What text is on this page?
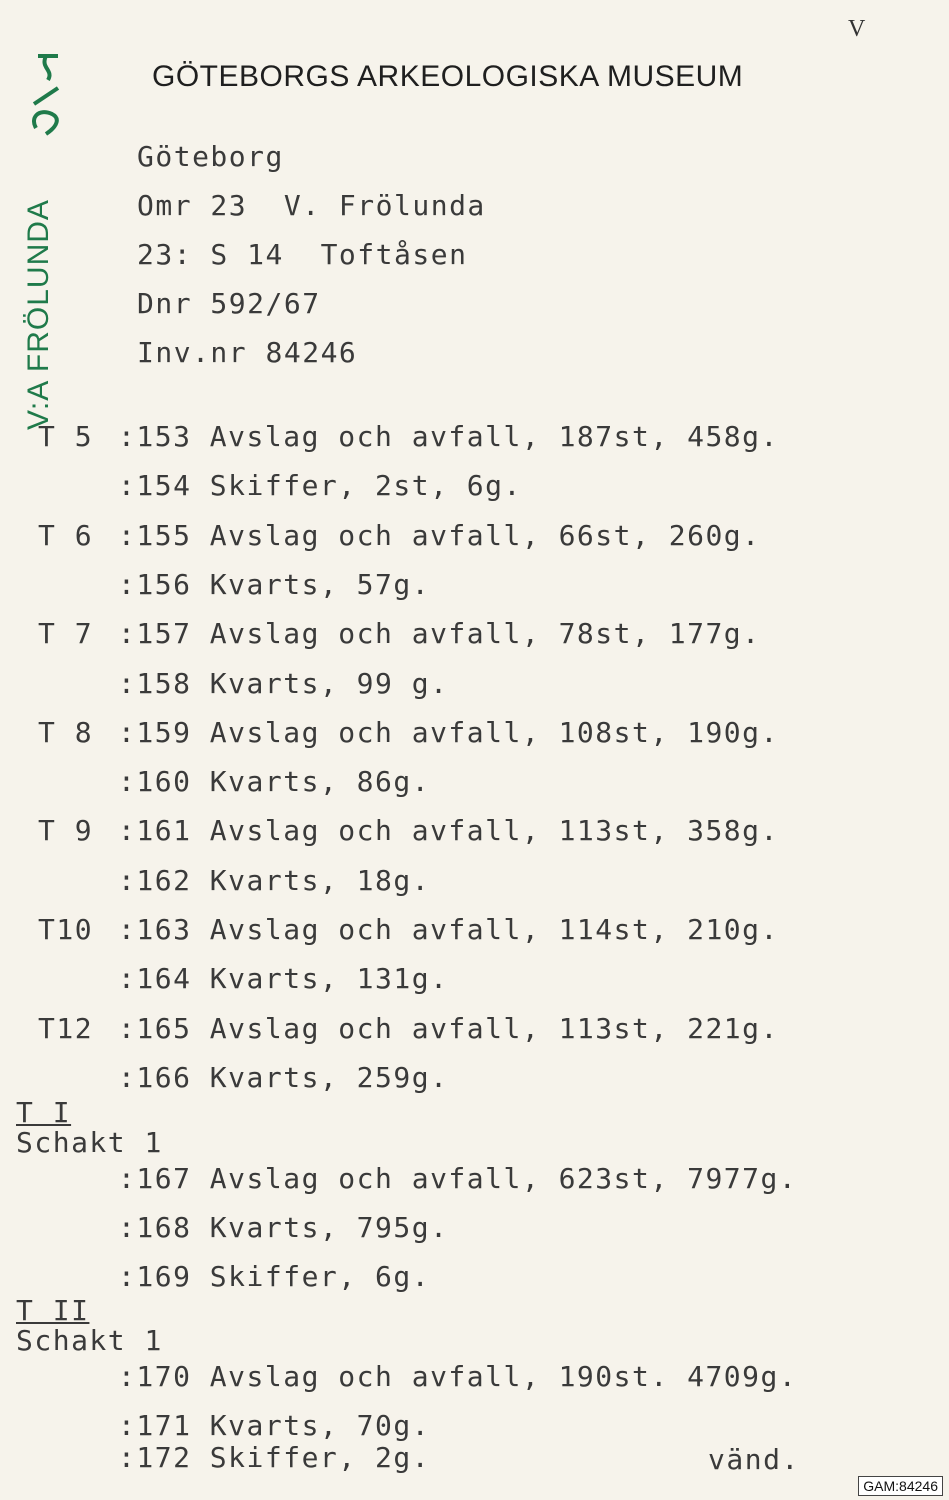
V
GÖTEBORGS ARKEOLOGISKA MUSEUM
V:A FRÖLUNDA
Göteborg
Omr 23  V. Frölunda
23: S 14  Toftåsen
Dnr 592/67
Inv.nr 84246
T 5 :153 Avslag och avfall, 187st, 458g.
:154 Skiffer, 2st, 6g.
T 6 :155 Avslag och avfall, 66st, 260g.
:156 Kvarts, 57g.
T 7 :157 Avslag och avfall, 78st, 177g.
:158 Kvarts, 99 g.
T 8 :159 Avslag och avfall, 108st, 190g.
:160 Kvarts, 86g.
T 9 :161 Avslag och avfall, 113st, 358g.
:162 Kvarts, 18g.
T10 :163 Avslag och avfall, 114st, 210g.
:164 Kvarts, 131g.
T12 :165 Avslag och avfall, 113st, 221g.
:166 Kvarts, 259g.
T I
Schakt 1
:167 Avslag och avfall, 623st, 7977g.
:168 Kvarts, 795g.
:169 Skiffer, 6g.
T II
Schakt 1
:170 Avslag och avfall, 190st. 4709g.
:171 Kvarts, 70g.
:172 Skiffer, 2g.	vänd.
GAM:84246
